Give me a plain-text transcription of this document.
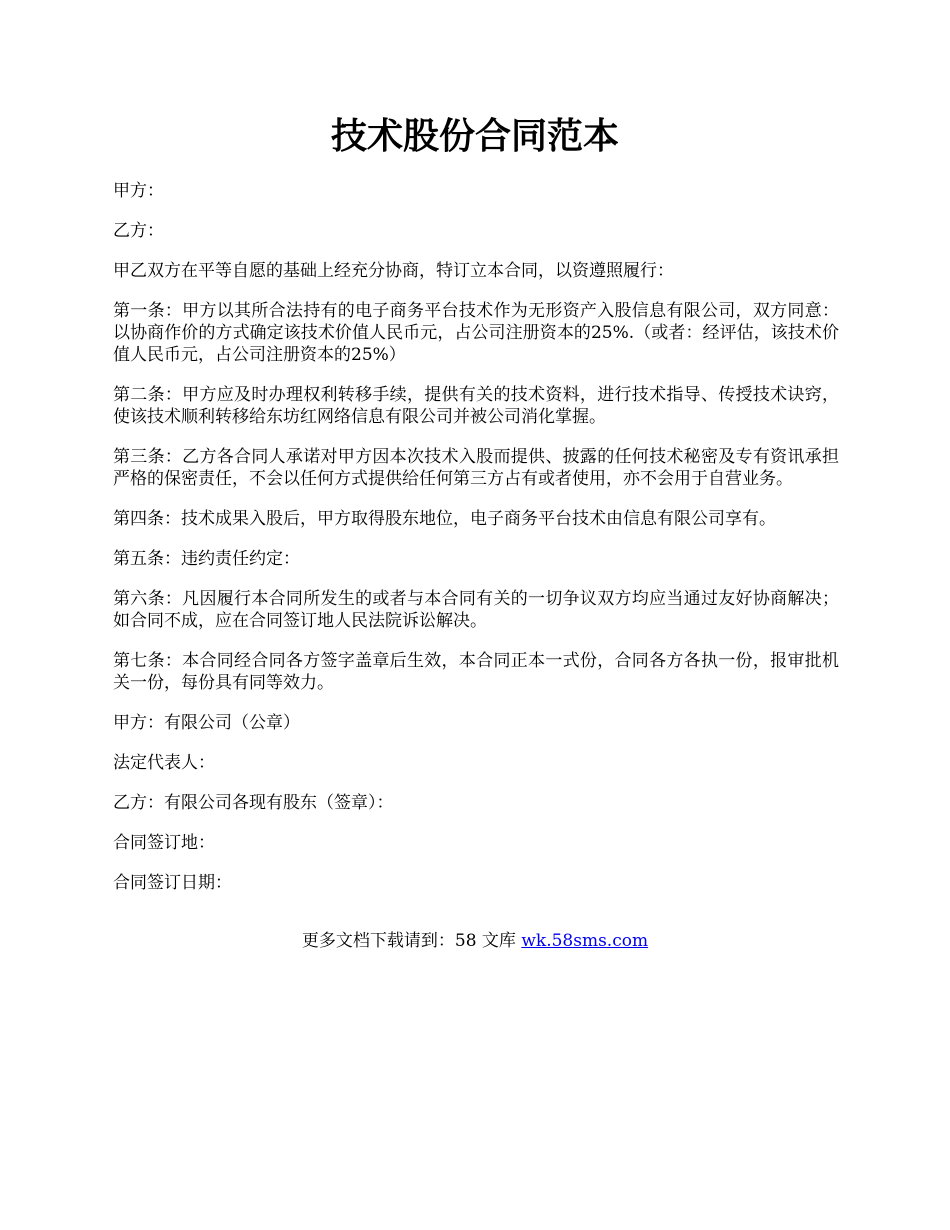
技术股份合同范本

甲方：

乙方：

甲乙双方在平等自愿的基础上经充分协商，特订立本合同，以资遵照履行：

第一条：甲方以其所合法持有的电子商务平台技术作为无形资产入股信息有限公司，双方同意：以协商作价的方式确定该技术价值人民币元，占公司注册资本的25%.（或者：经评估，该技术价值人民币元，占公司注册资本的25%）

第二条：甲方应及时办理权利转移手续，提供有关的技术资料，进行技术指导、传授技术诀窍，使该技术顺利转移给东坊红网络信息有限公司并被公司消化掌握。

第三条：乙方各合同人承诺对甲方因本次技术入股而提供、披露的任何技术秘密及专有资讯承担严格的保密责任，不会以任何方式提供给任何第三方占有或者使用，亦不会用于自营业务。

第四条：技术成果入股后，甲方取得股东地位，电子商务平台技术由信息有限公司享有。

第五条：违约责任约定：

第六条：凡因履行本合同所发生的或者与本合同有关的一切争议双方均应当通过友好协商解决；如合同不成，应在合同签订地人民法院诉讼解决。

第七条：本合同经合同各方签字盖章后生效，本合同正本一式份，合同各方各执一份，报审批机关一份，每份具有同等效力。

甲方：有限公司（公章）

法定代表人：

乙方：有限公司各现有股东（签章）：

合同签订地：

合同签订日期：

更多文档下载请到：58 文库 wk.58sms.com
